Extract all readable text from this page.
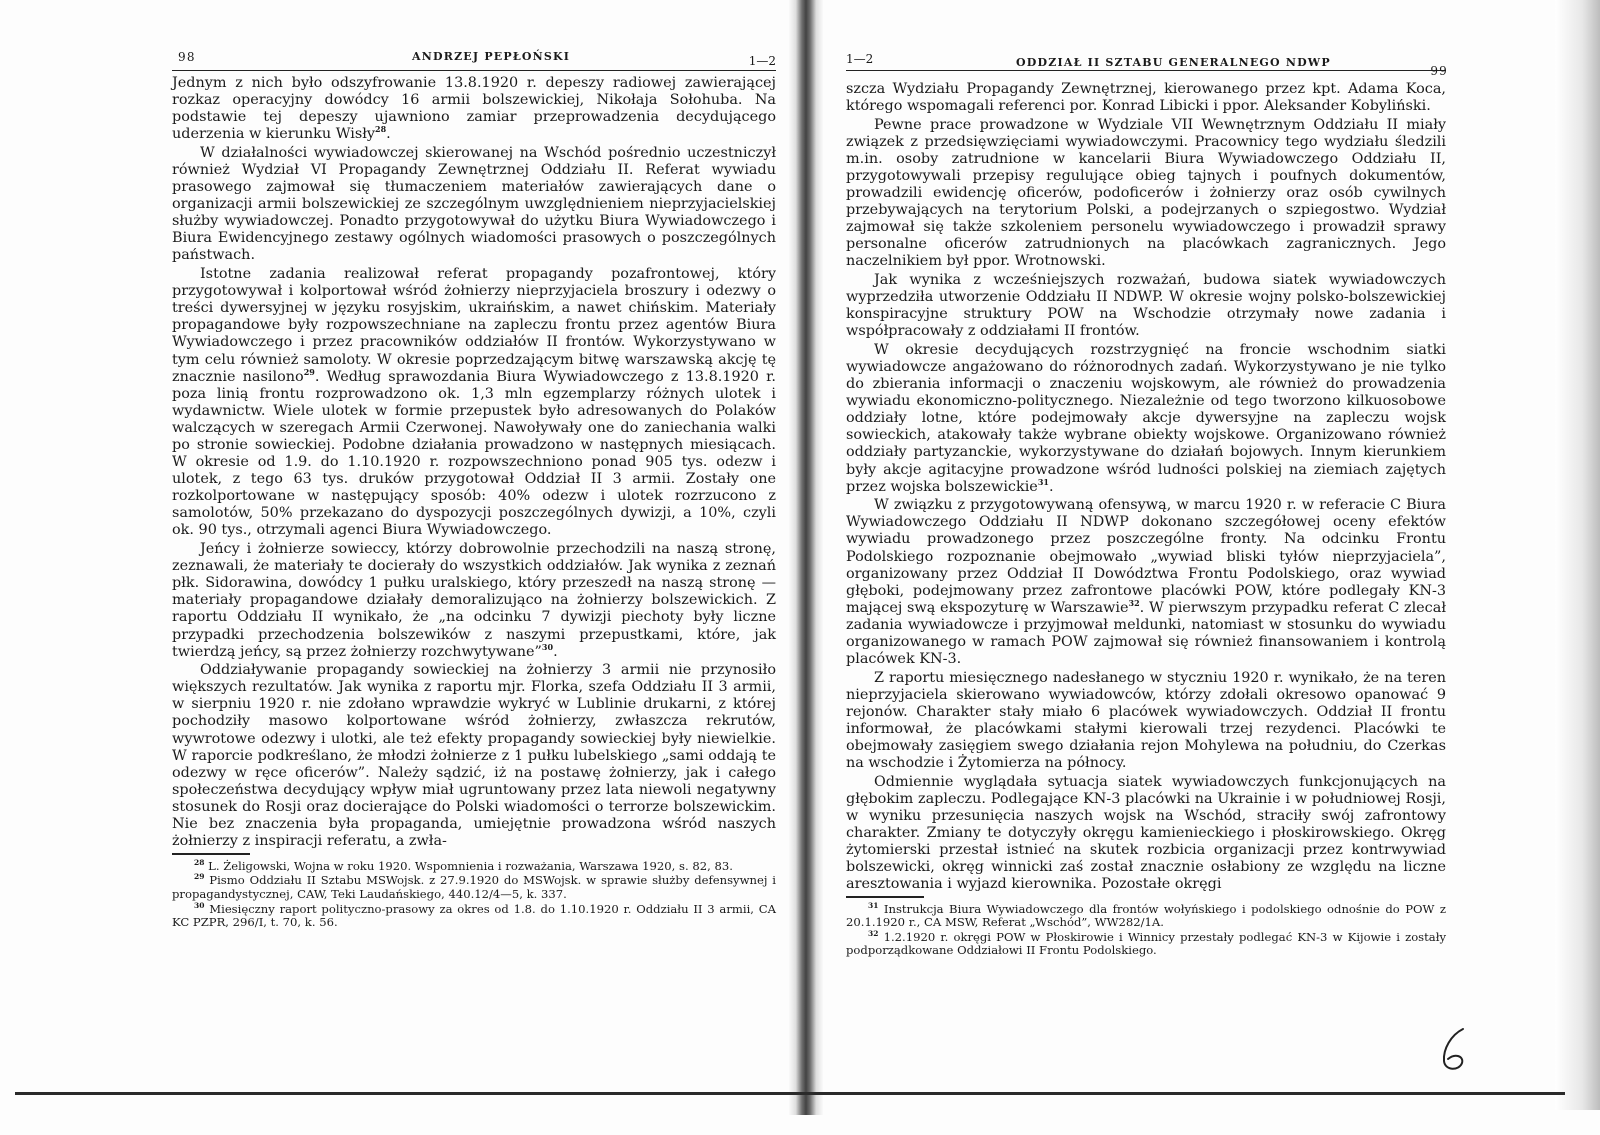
98	ANDRZEJ PEPŁOŃSKI	1—2

Jednym z nich było odszyfrowanie 13.8.1920 r. depeszy radiowej zawierającej rozkaz operacyjny dowódcy 16 armii bolszewickiej, Nikołaja Sołohuba. Na podstawie tej depeszy ujawniono zamiar przeprowadzenia decydującego uderzenia w kierunku Wisły$^{28}$.

W działalności wywiadowczej skierowanej na Wschód pośrednio uczestniczył również Wydział VI Propagandy Zewnętrznej Oddziału II. Referat wywiadu prasowego zajmował się tłumaczeniem materiałów zawierających dane o organizacji armii bolszewickiej ze szczególnym uwzględnieniem nieprzyjacielskiej służby wywiadowczej. Ponadto przygotowywał do użytku Biura Wywiadowczego i Biura Ewidencyjnego zestawy ogólnych wiadomości prasowych o poszczególnych państwach.

Istotne zadania realizował referat propagandy pozafrontowej, który przygotowywał i kolportował wśród żołnierzy nieprzyjaciela broszury i odezwy o treści dywersyjnej w języku rosyjskim, ukraińskim, a nawet chińskim. Materiały propagandowe były rozpowszechniane na zapleczu frontu przez agentów Biura Wywiadowczego i przez pracowników oddziałów II frontów. Wykorzystywano w tym celu również samoloty. W okresie poprzedzającym bitwę warszawską akcję tę znacznie nasilono$^{29}$. Według sprawozdania Biura Wywiadowczego z 13.8.1920 r. poza linią frontu rozprowadzono ok. 1,3 mln egzemplarzy różnych ulotek i wydawnictw. Wiele ulotek w formie przepustek było adresowanych do Polaków walczących w szeregach Armii Czerwonej. Nawoływały one do zaniechania walki po stronie sowieckiej. Podobne działania prowadzono w następnych miesiącach. W okresie od 1.9. do 1.10.1920 r. rozpowszechniono ponad 905 tys. odezw i ulotek, z tego 63 tys. druków przygotował Oddział II 3 armii. Zostały one rozkolportowane w następujący sposób: 40% odezw i ulotek rozrzucono z samolotów, 50% przekazano do dyspozycji poszczególnych dywizji, a 10%, czyli ok. 90 tys., otrzymali agenci Biura Wywiadowczego.

Jeńcy i żołnierze sowieccy, którzy dobrowolnie przechodzili na naszą stronę, zeznawali, że materiały te docierały do wszystkich oddziałów. Jak wynika z zeznań płk. Sidorawina, dowódcy 1 pułku uralskiego, który przeszedł na naszą stronę — materiały propagandowe działały demoralizująco na żołnierzy bolszewickich. Z raportu Oddziału II wynikało, że „na odcinku 7 dywizji piechoty były liczne przypadki przechodzenia bolszewików z naszymi przepustkami, które, jak twierdzą jeńcy, są przez żołnierzy rozchwytywane”$^{30}$.

Oddziaływanie propagandy sowieckiej na żołnierzy 3 armii nie przynosiło większych rezultatów. Jak wynika z raportu mjr. Florka, szefa Oddziału II 3 armii, w sierpniu 1920 r. nie zdołano wprawdzie wykryć w Lublinie drukarni, z której pochodziły masowo kolportowane wśród żołnierzy, zwłaszcza rekrutów, wywrotowe odezwy i ulotki, ale też efekty propagandy sowieckiej były niewielkie. W raporcie podkreślano, że młodzi żołnierze z 1 pułku lubelskiego „sami oddają te odezwy w ręce oficerów”. Należy sądzić, iż na postawę żołnierzy, jak i całego społeczeństwa decydujący wpływ miał ugruntowany przez lata niewoli negatywny stosunek do Rosji oraz docierające do Polski wiadomości o terrorze bolszewickim. Nie bez znaczenia była propaganda, umiejętnie prowadzona wśród naszych żołnierzy z inspiracji referatu, a zwła-

$^{28}$ L. Żeligowski, Wojna w roku 1920. Wspomnienia i rozważania, Warszawa 1920, s. 82, 83.

$^{29}$ Pismo Oddziału II Sztabu MSWojsk. z 27.9.1920 do MSWojsk. w sprawie służby defensywnej i propagandystycznej, CAW, Teki Laudańskiego, 440.12/4—5, k. 337.

$^{30}$ Miesięczny raport polityczno-prasowy za okres od 1.8. do 1.10.1920 r. Oddziału II 3 armii, CA KC PZPR, 296/I, t. 70, k. 56.

1—2	ODDZIAŁ II SZTABU GENERALNEGO NDWP
99

szcza Wydziału Propagandy Zewnętrznej, kierowanego przez kpt. Adama Koca, którego wspomagali referenci por. Konrad Libicki i ppor. Aleksander Kobyliński.

Pewne prace prowadzone w Wydziale VII Wewnętrznym Oddziału II miały związek z przedsięwzięciami wywiadowczymi. Pracownicy tego wydziału śledzili m.in. osoby zatrudnione w kancelarii Biura Wywiadowczego Oddziału II, przygotowywali przepisy regulujące obieg tajnych i poufnych dokumentów, prowadzili ewidencję oficerów, podoficerów i żołnierzy oraz osób cywilnych przebywających na terytorium Polski, a podejrzanych o szpiegostwo. Wydział zajmował się także szkoleniem personelu wywiadowczego i prowadził sprawy personalne oficerów zatrudnionych na placówkach zagranicznych. Jego naczelnikiem był ppor. Wrotnowski.

Jak wynika z wcześniejszych rozważań, budowa siatek wywiadowczych wyprzedziła utworzenie Oddziału II NDWP. W okresie wojny polsko-bolszewickiej konspiracyjne struktury POW na Wschodzie otrzymały nowe zadania i współpracowały z oddziałami II frontów.

W okresie decydujących rozstrzygnięć na froncie wschodnim siatki wywiadowcze angażowano do różnorodnych zadań. Wykorzystywano je nie tylko do zbierania informacji o znaczeniu wojskowym, ale również do prowadzenia wywiadu ekonomiczno-politycznego. Niezależnie od tego tworzono kilkuosobowe oddziały lotne, które podejmowały akcje dywersyjne na zapleczu wojsk sowieckich, atakowały także wybrane obiekty wojskowe. Organizowano również oddziały partyzanckie, wykorzystywane do działań bojowych. Innym kierunkiem były akcje agitacyjne prowadzone wśród ludności polskiej na ziemiach zajętych przez wojska bolszewickie$^{31}$.

W związku z przygotowywaną ofensywą, w marcu 1920 r. w referacie C Biura Wywiadowczego Oddziału II NDWP dokonano szczegółowej oceny efektów wywiadu prowadzonego przez poszczególne fronty. Na odcinku Frontu Podolskiego rozpoznanie obejmowało „wywiad bliski tyłów nieprzyjaciela”, organizowany przez Oddział II Dowództwa Frontu Podolskiego, oraz wywiad głęboki, podejmowany przez zafrontowe placówki POW, które podlegały KN-3 mającej swą ekspozyturę w Warszawie$^{32}$. W pierwszym przypadku referat C zlecał zadania wywiadowcze i przyjmował meldunki, natomiast w stosunku do wywiadu organizowanego w ramach POW zajmował się również finansowaniem i kontrolą placówek KN-3.

Z raportu miesięcznego nadesłanego w styczniu 1920 r. wynikało, że na teren nieprzyjaciela skierowano wywiadowców, którzy zdołali okresowo opanować 9 rejonów. Charakter stały miało 6 placówek wywiadowczych. Oddział II frontu informował, że placówkami stałymi kierowali trzej rezydenci. Placówki te obejmowały zasięgiem swego działania rejon Mohylewa na południu, do Czerkas na wschodzie i Żytomierza na północy.

Odmiennie wyglądała sytuacja siatek wywiadowczych funkcjonujących na głębokim zapleczu. Podlegające KN-3 placówki na Ukrainie i w południowej Rosji, w wyniku przesunięcia naszych wojsk na Wschód, straciły swój zafrontowy charakter. Zmiany te dotyczyły okręgu kamienieckiego i płoskirowskiego. Okręg żytomierski przestał istnieć na skutek rozbicia organizacji przez kontrwywiad bolszewicki, okręg winnicki zaś został znacznie osłabiony ze względu na liczne aresztowania i wyjazd kierownika. Pozostałe okręgi

$^{31}$ Instrukcja Biura Wywiadowczego dla frontów wołyńskiego i podolskiego odnośnie do POW z 20.1.1920 r., CA MSW, Referat „Wschód”, WW282/1A.

$^{32}$ 1.2.1920 r. okręgi POW w Płoskirowie i Winnicy przestały podlegać KN-3 w Kijowie i zostały podporządkowane Oddziałowi II Frontu Podolskiego.
